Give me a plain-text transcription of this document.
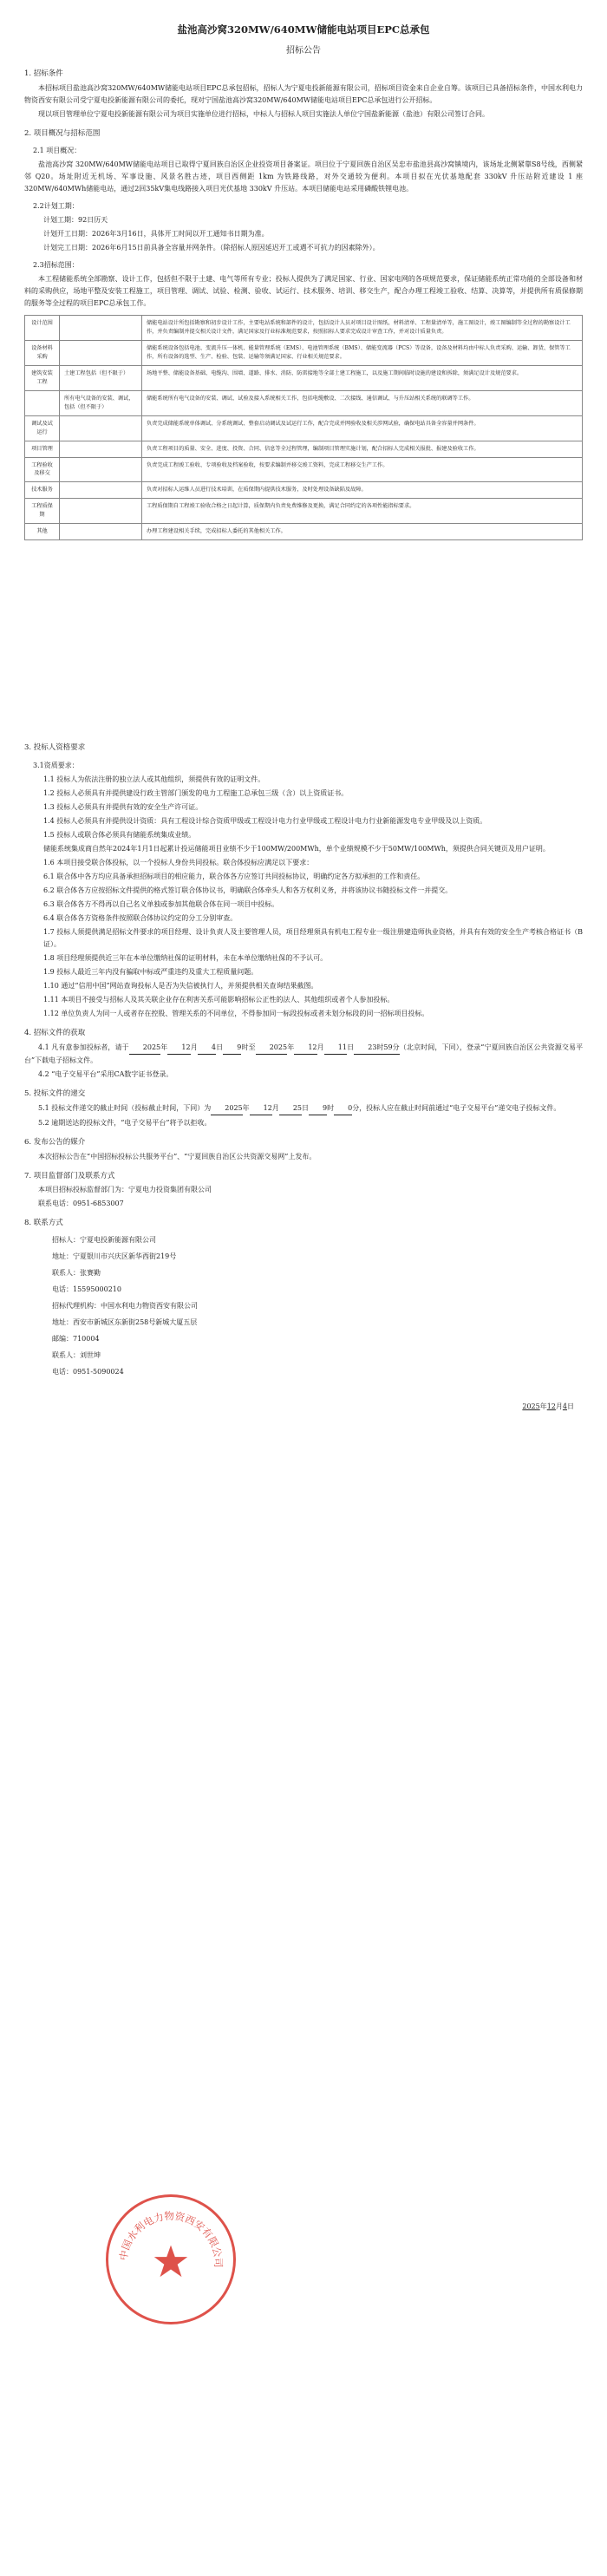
盐池高沙窝320MW/640MW储能电站项目EPC总承包
招标公告
1. 招标条件
本招标项目盐池高沙窝320MW/640MW储能电站项目EPC总承包招标，招标人为宁夏电投新能源有限公司，招标项目资金来自企业自筹。该项目已具备招标条件，中国水利电力物资西安有限公司受宁夏电投新能源有限公司的委托，现对宁国盐池高沙窝320MW/640MW储能电站项目EPC总承包进行公开招标。
现以项目管理单位宁夏电投新能源有限公司为项目实施单位进行招标，中标人与招标人项目实施法人单位宁国盐新能源（盐池）有限公司签订合同。
2. 项目概况与招标范围
2.1 项目概况：
盐池高沙窝 320MW/640MW储能电站项目已取得宁夏回族自治区企业投资项目备案证。项目位于宁夏回族自治区吴忠市盐池县高沙窝镇境内，该场址北侧紧靠S8号线，西侧紧邻 Q20。场址附近无机场、军事设施、风景名胜古迹，项目西侧距 1km 为铁路线路，对外交通较为便利。本项目拟在光伏基地配套 330kV 升压站附近建设 1 座 320MW/640MWh储能电站，通过2回35kV集电线路接入项目光伏基地 330kV 升压站。本项目储能电站采用磷酸铁锂电池。
2.2计划工期：
计划工期：92日历天
计划开工日期：2026年3月16日，具体开工时间以开工通知书日期为准。
计划完工日期：2026年6月15日前具备全容量并网条件。（除招标人原因延迟开工或遇不可抗力的因素除外）。
2.3招标范围：
本工程储能系统全部勘察、设计工作，包括但不限于土建、电气等所有专业；投标人提供为了满足国家、行业、国家电网的各项规范要求，保证储能系统正常功能的全部设备和材料的采购供应，场地平整及安装工程施工，项目管理、调试、试验、检测、验收、试运行、技术服务、培训、移交生产，配合办理工程竣工验收、结算、决算等，并提供所有质保修期的服务等全过程的项目EPC总承包工作。
设计范围		储能电站设计所包括勘察和初步设计工作，主要电站系统和部件的设计，包括设计人员对项目设计图纸、材料清单、工程量清单等，施工图设计，竣工图编制等全过程的勘察设计工作，并负责编制并提交相关设计文件，满足国家及行业标准规范要求，按照招标人要求完成设计审查工作，并对设计质量负责。
设备材料采购		储能系统设备包括电池、变流升压一体机、能量管理系统（EMS）、电池管理系统（BMS）、储能变流器（PCS）等设备，设备及材料均由中标人负责采购、运输、卸货、保管等工作，所有设备的选型、生产、检验、包装、运输等须满足国家、行业相关规范要求。
建筑安装工程	土建工程包括（但不限于）	场地平整、储能设备基础、电缆沟、围墙、道路、排水、消防、防雷接地等全部土建工程施工，以及施工期间临时设施的建设和拆除，须满足设计及规范要求。
	所有电气设备的安装、调试，包括（但不限于）	储能系统所有电气设备的安装、调试、试验及接入系统相关工作，包括电缆敷设、二次接线、通信调试、与升压站相关系统的联调等工作。
调试及试运行		负责完成储能系统单体调试、分系统调试、整套启动调试及试运行工作，配合完成并网验收及相关涉网试验，确保电站具备全容量并网条件。
项目管理		负责工程项目的质量、安全、进度、投资、合同、信息等全过程管理，编制项目管理实施计划，配合招标人完成相关报批、报建及验收工作。
工程验收及移交		负责完成工程竣工验收、专项验收及档案验收，按要求编制并移交竣工资料，完成工程移交生产工作。
技术服务		负责对招标人运维人员进行技术培训，在质保期内提供技术服务，及时处理设备缺陷及故障。
工程质保期		工程质保期自工程竣工验收合格之日起计算，质保期内负责免费维修及更换，满足合同约定的各项性能指标要求。
其他		办理工程建设相关手续，完成招标人委托的其他相关工作。
3. 投标人资格要求
3.1资质要求：
1.1 投标人为依法注册的独立法人或其他组织，须提供有效的证明文件。
1.2 投标人必须具有并提供建设行政主管部门颁发的电力工程施工总承包三级（含）以上资质证书。
1.3 投标人必须具有并提供有效的安全生产许可证。
1.4 投标人必须具有并提供设计资质：具有工程设计综合资质甲级或工程设计电力行业甲级或工程设计电力行业新能源发电专业甲级及以上资质。
1.5 投标人或联合体必须具有储能系统集成业绩。
储能系统集成商自然年2024年1月1日起累计投运储能项目业绩不少于100MW/200MWh，单个业绩规模不少于50MW/100MWh，须提供合同关键页及用户证明。
1.6 本项目接受联合体投标，以一个投标人身份共同投标。联合体投标应满足以下要求：
6.1 联合体中各方均应具备承担招标项目的相应能力，联合体各方应签订共同投标协议，明确约定各方拟承担的工作和责任。
6.2 联合体各方应按招标文件提供的格式签订联合体协议书，明确联合体牵头人和各方权利义务，并将该协议书随投标文件一并提交。
6.3 联合体各方不得再以自己名义单独或参加其他联合体在同一项目中投标。
6.4 联合体各方资格条件按照联合体协议约定的分工分别审查。
1.7 投标人须提供满足招标文件要求的项目经理、设计负责人及主要管理人员，项目经理须具有机电工程专业一级注册建造师执业资格，并具有有效的安全生产考核合格证书（B证）。
1.8 项目经理须提供近三年在本单位缴纳社保的证明材料，未在本单位缴纳社保的不予认可。
1.9 投标人最近三年内没有骗取中标或严重违约及重大工程质量问题。
1.10 通过“信用中国”网站查询投标人是否为失信被执行人，并须提供相关查询结果截图。
1.11 本项目不接受与招标人及其关联企业存在利害关系可能影响招标公正性的法人、其他组织或者个人参加投标。
1.12 单位负责人为同一人或者存在控股、管理关系的不同单位，不得参加同一标段投标或者未划分标段的同一招标项目投标。
4. 招标文件的获取
4.1 凡有意参加投标者，请于 2025年 12月 4日 9时至 2025年 12月 11日 23时59分（北京时间，下同），登录“宁夏回族自治区公共资源交易平台”下载电子招标文件。
4.2 “电子交易平台”采用CA数字证书登录。
5. 投标文件的递交
5.1 投标文件递交的截止时间（投标截止时间，下同）为 2025年 12月 25日 9时 0分，投标人应在截止时间前通过“电子交易平台”递交电子投标文件。
5.2 逾期送达的投标文件，“电子交易平台”将予以拒收。
6. 发布公告的媒介
本次招标公告在“中国招标投标公共服务平台”、“宁夏回族自治区公共资源交易网”上发布。
7. 项目监督部门及联系方式
本项目招标投标监督部门为：宁夏电力投资集团有限公司
联系电话：0951-6853007
8. 联系方式
招标人：宁夏电投新能源有限公司
地址：宁夏银川市兴庆区新华西街219号
联系人：张赛勤
电话：15595000210
招标代理机构：中国水利电力物资西安有限公司
地址：西安市新城区东新街258号新城大厦五层
邮编：710004
联系人：刘世坤
电话：0951-5090024
2025年12月4日
中国水利电力物资西安有限公司
